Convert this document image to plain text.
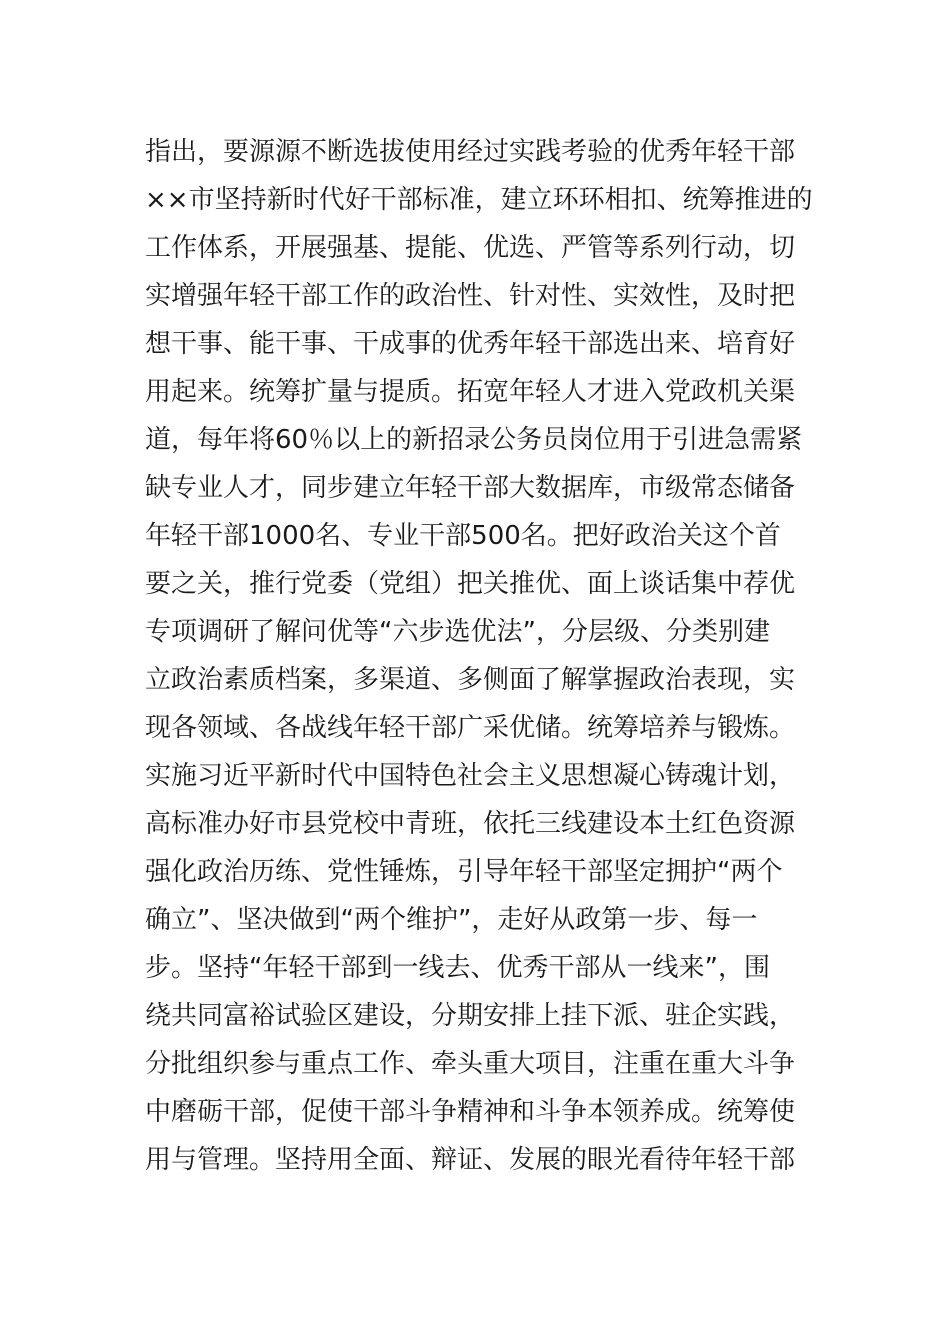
指出，要源源不断选拔使用经过实践考验的优秀年轻干部
××市坚持新时代好干部标准，建立环环相扣、统筹推进的
工作体系，开展强基、提能、优选、严管等系列行动，切
实增强年轻干部工作的政治性、针对性、实效性，及时把
想干事、能干事、干成事的优秀年轻干部选出来、培育好
用起来。统筹扩量与提质。拓宽年轻人才进入党政机关渠
道，每年将60％以上的新招录公务员岗位用于引进急需紧
缺专业人才，同步建立年轻干部大数据库，市级常态储备
年轻干部1000名、专业干部500名。把好政治关这个首
要之关，推行党委（党组）把关推优、面上谈话集中荐优
专项调研了解问优等“六步选优法”，分层级、分类别建
立政治素质档案，多渠道、多侧面了解掌握政治表现，实
现各领域、各战线年轻干部广采优储。统筹培养与锻炼。
实施习近平新时代中国特色社会主义思想凝心铸魂计划，
高标准办好市县党校中青班，依托三线建设本土红色资源
强化政治历练、党性锤炼，引导年轻干部坚定拥护“两个
确立”、坚决做到“两个维护”，走好从政第一步、每一
步。坚持“年轻干部到一线去、优秀干部从一线来”，围
绕共同富裕试验区建设，分期安排上挂下派、驻企实践，
分批组织参与重点工作、牵头重大项目，注重在重大斗争
中磨砺干部，促使干部斗争精神和斗争本领养成。统筹使
用与管理。坚持用全面、辩证、发展的眼光看待年轻干部
